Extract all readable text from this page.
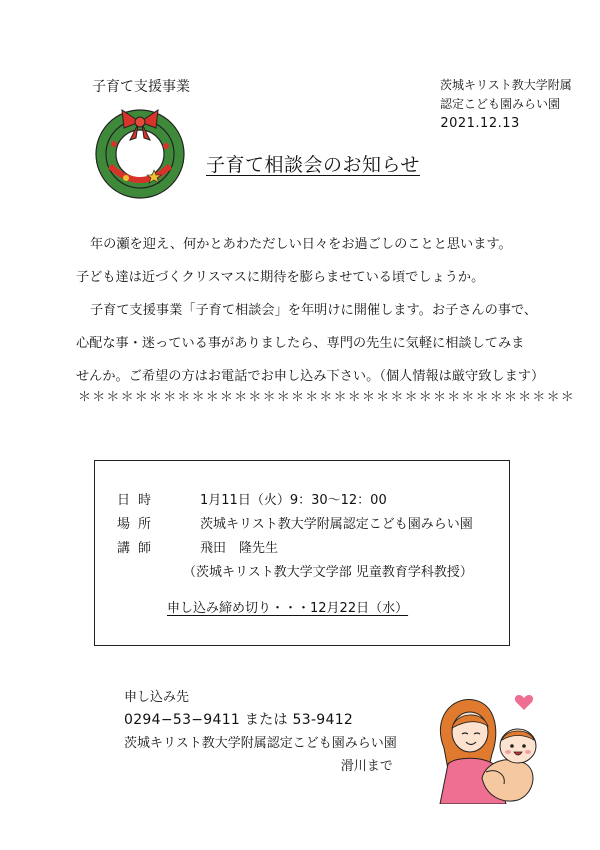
子育て支援事業	茨城キリスト教大学附属
認定こども園みらい園
2021.12.13
子育て相談会のお知らせ

年の瀬を迎え、何かとあわただしい日々をお過ごしのことと思います。

子ども達は近づくクリスマスに期待を膨らませている頃でしょうか。

子育て支援事業「子育て相談会」を年明けに開催します。お子さんの事で、

心配な事・迷っている事がありましたら、専門の先生に気軽に相談してみま

せんか。ご希望の方はお電話でお申し込み下さい。（個人情報は厳守致します）

＊＊＊＊＊＊＊＊＊＊＊＊＊＊＊＊＊＊＊＊＊＊＊＊＊＊＊＊＊＊＊＊＊＊＊
日時	1月11日（火）9：30～12：00
場所	茨城キリスト教大学附属認定こども園みらい園
講師	飛田　隆先生
（茨城キリスト教大学文学部 児童教育学科教授）
申し込み締め切り・・・12月22日（水）
申し込み先
0294−53−9411 または 53-9412
茨城キリスト教大学附属認定こども園みらい園
滑川まで
